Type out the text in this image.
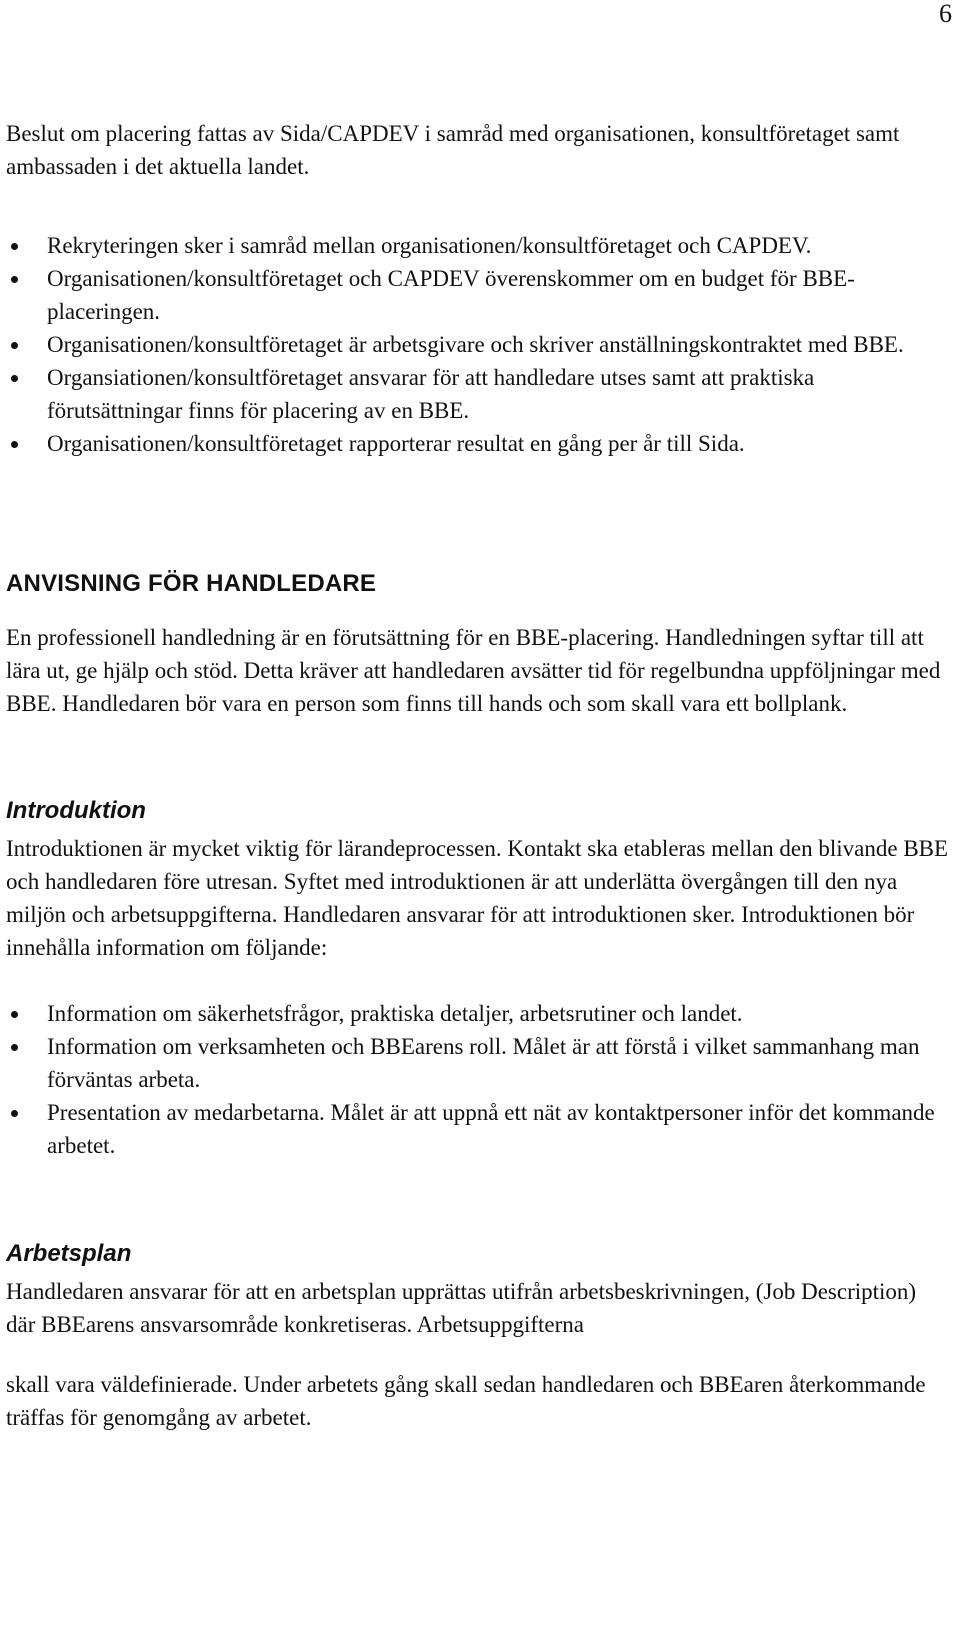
6

Beslut om placering fattas av Sida/CAPDEV i samråd med organisationen, konsultföretaget samt ambassaden i det aktuella landet.

Rekryteringen sker i samråd mellan organisationen/konsultföretaget och CAPDEV.
Organisationen/konsultföretaget och CAPDEV överenskommer om en budget för BBE-placeringen.
Organisationen/konsultföretaget är arbetsgivare och skriver anställningskontraktet med BBE.
Organsiationen/konsultföretaget ansvarar för att handledare utses samt att praktiska förutsättningar finns för placering av en BBE.
Organisationen/konsultföretaget rapporterar resultat en gång per år till Sida.
ANVISNING FÖR HANDLEDARE

En professionell handledning är en förutsättning för en BBE-placering. Handledningen syftar till att lära ut, ge hjälp och stöd. Detta kräver att handledaren avsätter tid för regelbundna uppföljningar med BBE. Handledaren bör vara en person som finns till hands och som skall vara ett bollplank.

Introduktion

Introduktionen är mycket viktig för lärandeprocessen. Kontakt ska etableras mellan den blivande BBE och handledaren före utresan. Syftet med introduktionen är att underlätta övergången till den nya miljön och arbetsuppgifterna. Handledaren ansvarar för att introduktionen sker. Introduktionen bör innehålla information om följande:

Information om säkerhetsfrågor, praktiska detaljer, arbetsrutiner och landet.
Information om verksamheten och BBEarens roll. Målet är att förstå i vilket sammanhang man förväntas arbeta.
Presentation av medarbetarna. Målet är att uppnå ett nät av kontaktpersoner inför det kommande arbetet.
Arbetsplan

Handledaren ansvarar för att en arbetsplan upprättas utifrån arbetsbeskrivningen, (Job Description) där BBEarens ansvarsområde konkretiseras. Arbetsuppgifterna

skall vara väldefinierade. Under arbetets gång skall sedan handledaren och BBEaren återkommande träffas för genomgång av arbetet.
